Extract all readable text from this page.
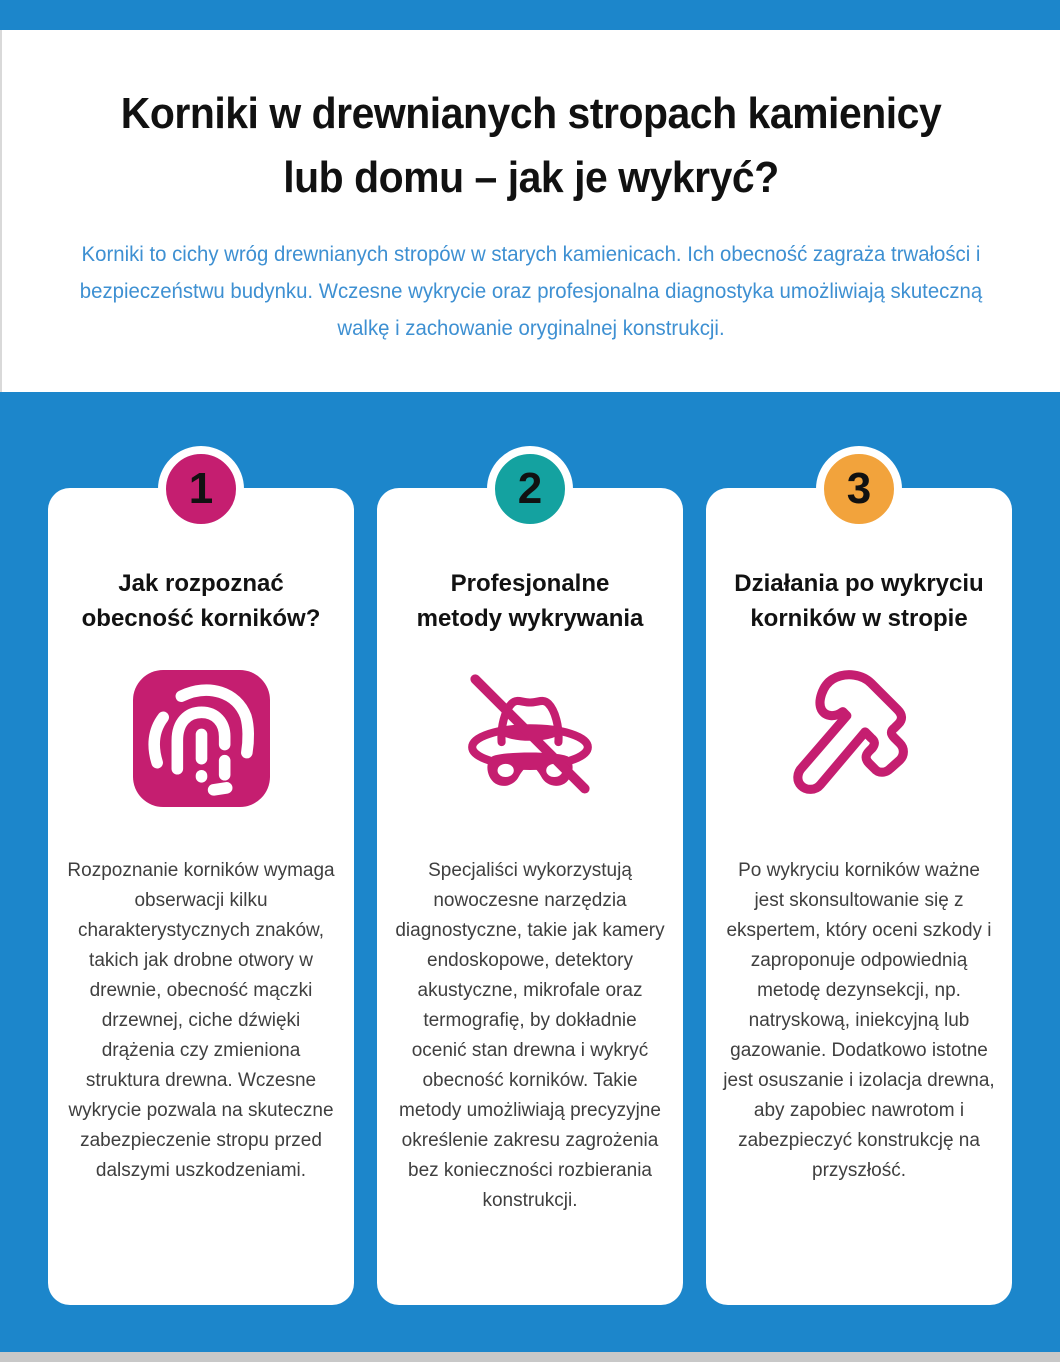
Korniki w drewnianych stropach kamienicy
lub domu – jak je wykryć?
Korniki to cichy wróg drewnianych stropów w starych kamienicach. Ich obecność zagraża trwałości i bezpieczeństwu budynku. Wczesne wykrycie oraz profesjonalna diagnostyka umożliwiają skuteczną walkę i zachowanie oryginalnej konstrukcji.
1
Jak rozpoznać obecność korników?
Rozpoznanie korników wymaga obserwacji kilku charakterystycznych znaków, takich jak drobne otwory w drewnie, obecność mączki drzewnej, ciche dźwięki drążenia czy zmieniona struktura drewna. Wczesne wykrycie pozwala na skuteczne zabezpieczenie stropu przed dalszymi uszkodzeniami.
2
Profesjonalne metody wykrywania
Specjaliści wykorzystują nowoczesne narzędzia diagnostyczne, takie jak kamery endoskopowe, detektory akustyczne, mikrofale oraz termografię, by dokładnie ocenić stan drewna i wykryć obecność korników. Takie metody umożliwiają precyzyjne określenie zakresu zagrożenia bez konieczności rozbierania konstrukcji.
3
Działania po wykryciu korników w stropie
Po wykryciu korników ważne jest skonsultowanie się z ekspertem, który oceni szkody i zaproponuje odpowiednią metodę dezynsekcji, np. natryskową, iniekcyjną lub gazowanie. Dodatkowo istotne jest osuszanie i izolacja drewna, aby zapobiec nawrotom i zabezpieczyć konstrukcję na przyszłość.
